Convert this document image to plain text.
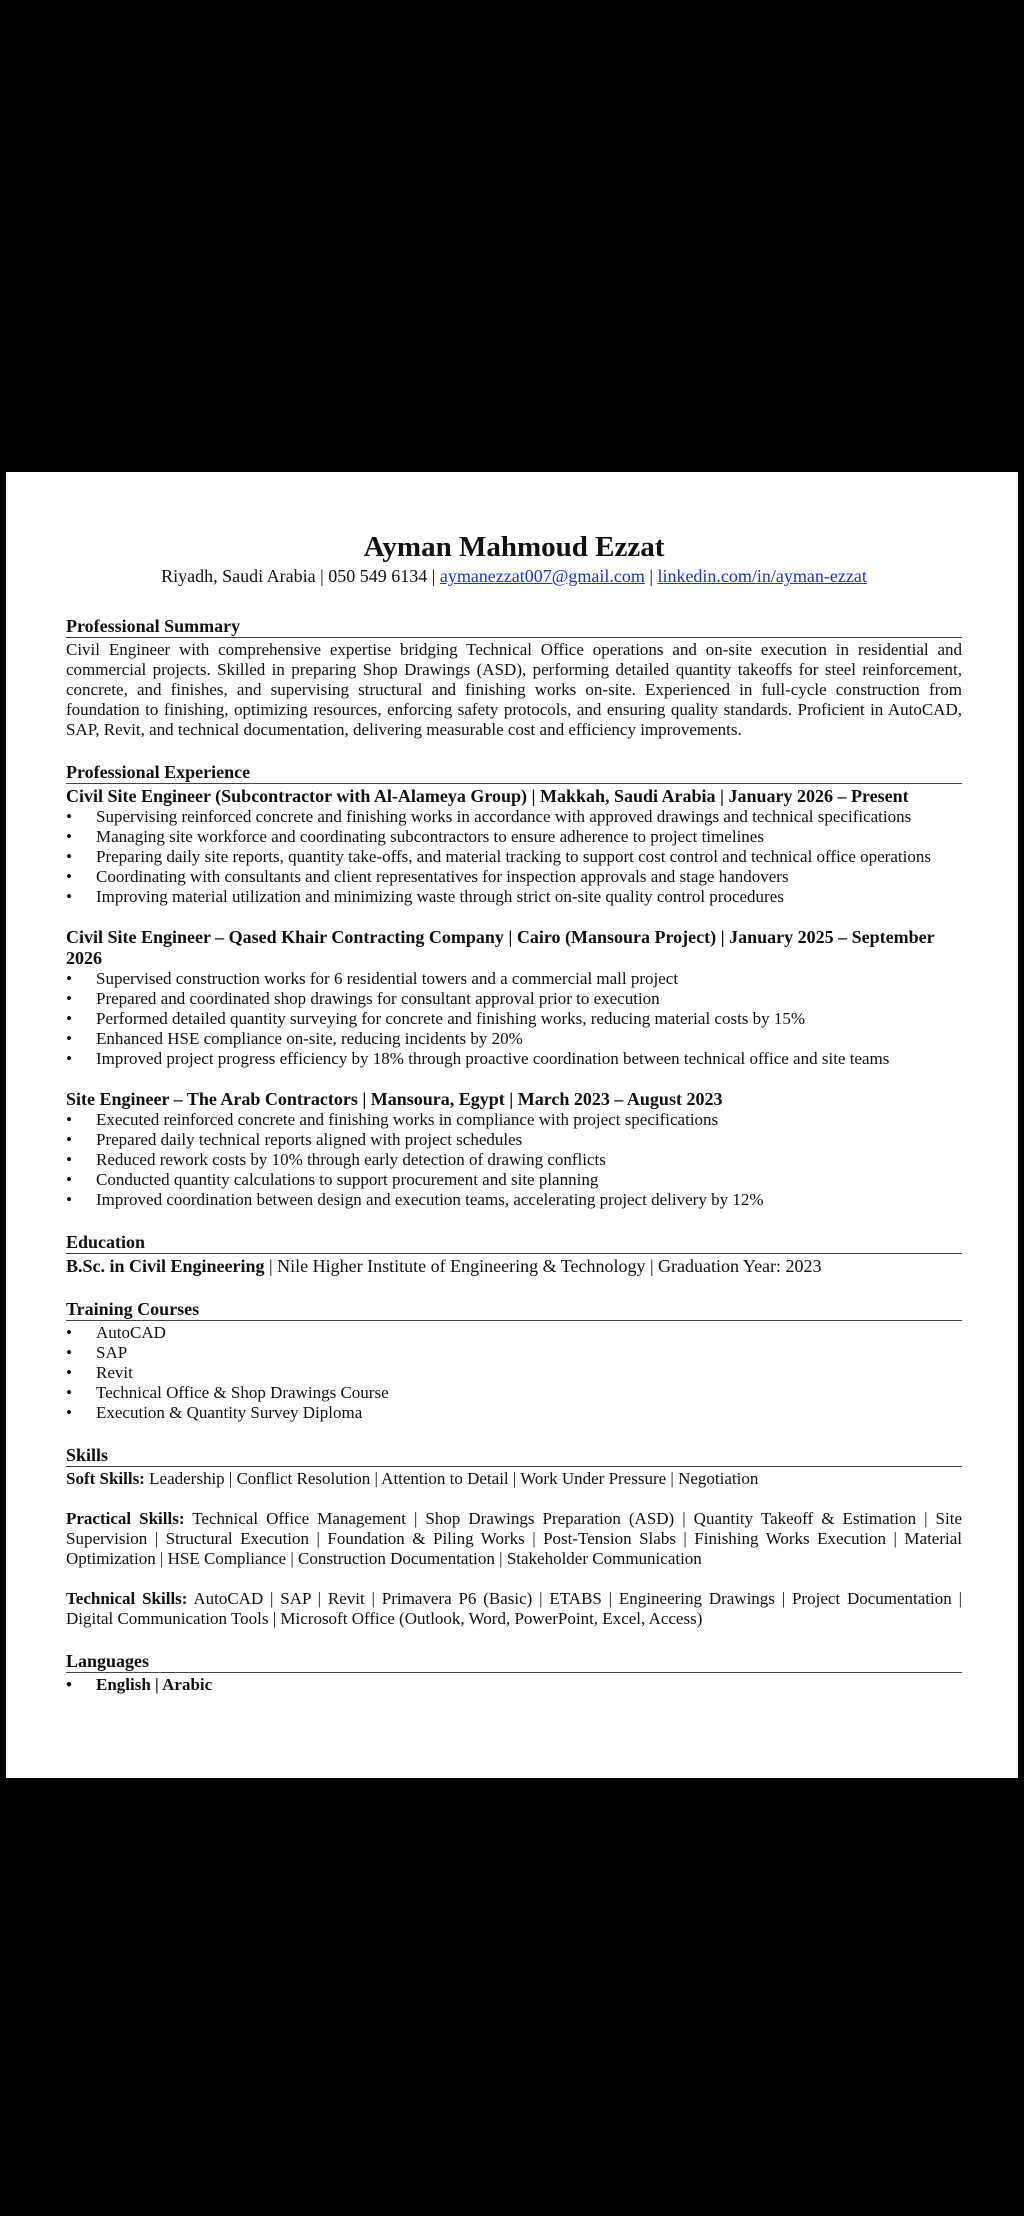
Ayman Mahmoud Ezzat

Riyadh, Saudi Arabia | 050 549 6134 | aymanezzat007@gmail.com | linkedin.com/in/ayman-ezzat

Professional Summary

Civil Engineer with comprehensive expertise bridging Technical Office operations and on-site execution in residential and commercial projects. Skilled in preparing Shop Drawings (ASD), performing detailed quantity takeoffs for steel reinforcement, concrete, and finishes, and supervising structural and finishing works on-site. Experienced in full-cycle construction from foundation to finishing, optimizing resources, enforcing safety protocols, and ensuring quality standards. Proficient in AutoCAD, SAP, Revit, and technical documentation, delivering measurable cost and efficiency improvements.

Professional Experience

Civil Site Engineer (Subcontractor with Al-Alameya Group) | Makkah, Saudi Arabia | January 2026 – Present

• Supervising reinforced concrete and finishing works in accordance with approved drawings and technical specifications
• Managing site workforce and coordinating subcontractors to ensure adherence to project timelines
• Preparing daily site reports, quantity take-offs, and material tracking to support cost control and technical office operations
• Coordinating with consultants and client representatives for inspection approvals and stage handovers
• Improving material utilization and minimizing waste through strict on-site quality control procedures

Civil Site Engineer – Qased Khair Contracting Company | Cairo (Mansoura Project) | January 2025 – September 2026

• Supervised construction works for 6 residential towers and a commercial mall project
• Prepared and coordinated shop drawings for consultant approval prior to execution
• Performed detailed quantity surveying for concrete and finishing works, reducing material costs by 15%
• Enhanced HSE compliance on-site, reducing incidents by 20%
• Improved project progress efficiency by 18% through proactive coordination between technical office and site teams

Site Engineer – The Arab Contractors | Mansoura, Egypt | March 2023 – August 2023

• Executed reinforced concrete and finishing works in compliance with project specifications
• Prepared daily technical reports aligned with project schedules
• Reduced rework costs by 10% through early detection of drawing conflicts
• Conducted quantity calculations to support procurement and site planning
• Improved coordination between design and execution teams, accelerating project delivery by 12%
Education

B.Sc. in Civil Engineering | Nile Higher Institute of Engineering & Technology | Graduation Year: 2023

Training Courses
• AutoCAD
• SAP
• Revit
• Technical Office & Shop Drawings Course
• Execution & Quantity Survey Diploma
Skills

Soft Skills: Leadership | Conflict Resolution | Attention to Detail | Work Under Pressure | Negotiation

Practical Skills: Technical Office Management | Shop Drawings Preparation (ASD) | Quantity Takeoff & Estimation | Site Supervision | Structural Execution | Foundation & Piling Works | Post-Tension Slabs | Finishing Works Execution | Material Optimization | HSE Compliance | Construction Documentation | Stakeholder Communication

Technical Skills: AutoCAD | SAP | Revit | Primavera P6 (Basic) | ETABS | Engineering Drawings | Project Documentation | Digital Communication Tools | Microsoft Office (Outlook, Word, PowerPoint, Excel, Access)

Languages
• English | Arabic
